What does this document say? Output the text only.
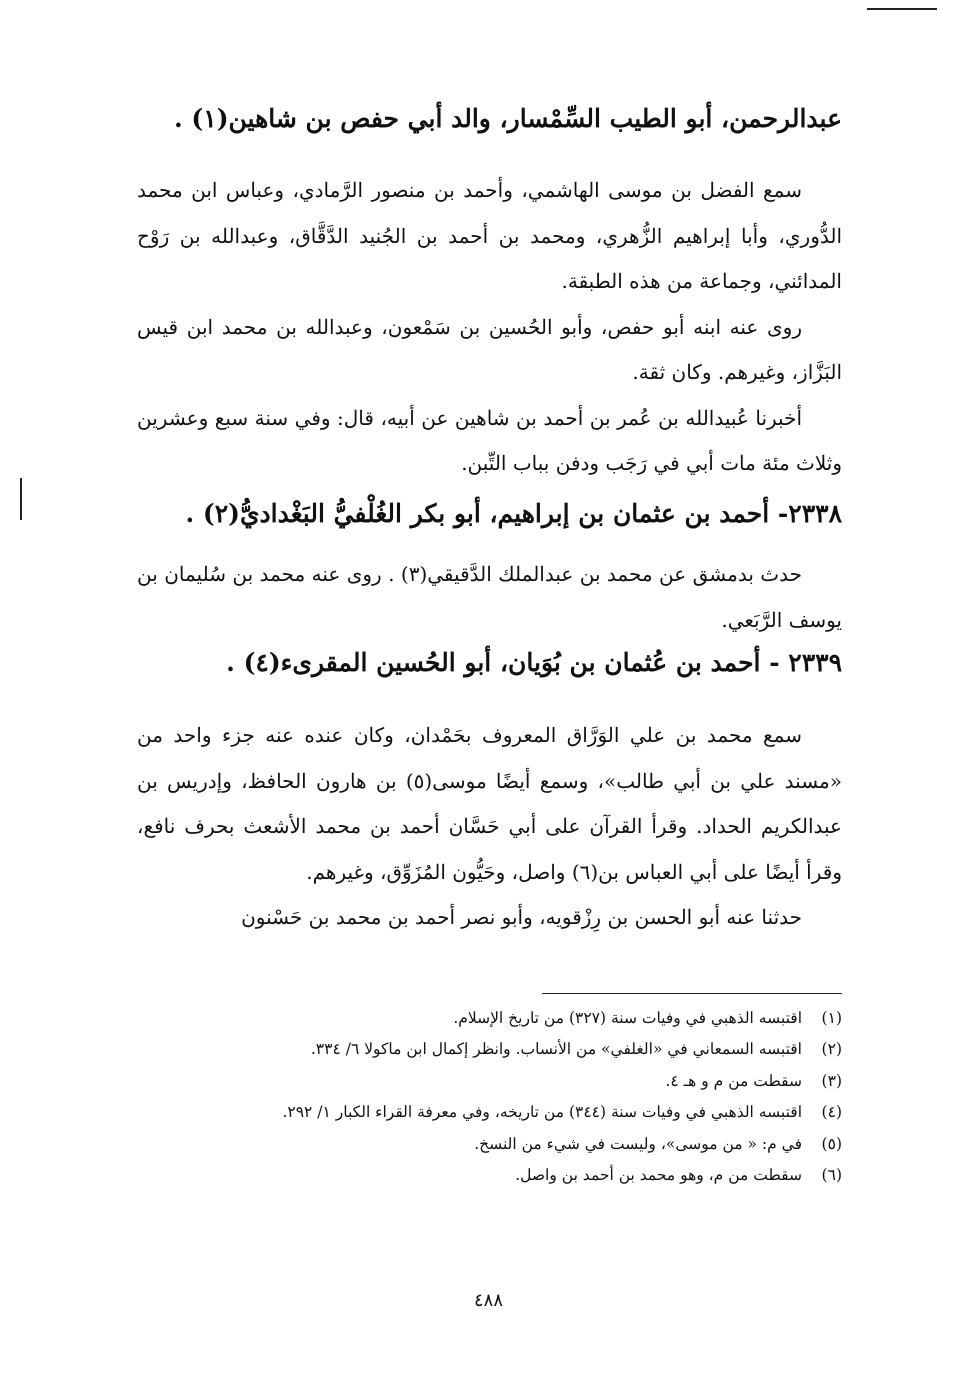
عبدالرحمن، أبو الطيب السِّمْسار، والد أبي حفص بن شاهين(١) .

سمع الفضل بن موسى الهاشمي، وأحمد بن منصور الرَّمادي، وعباس ابن محمد الدُّوري، وأبا إبراهيم الزُّهري، ومحمد بن أحمد بن الجُنيد الدَّقَّاق، وعبدالله بن رَوْح المدائني، وجماعة من هذه الطبقة.

روى عنه ابنه أبو حفص، وأبو الحُسين بن سَمْعون، وعبدالله بن محمد ابن قيس البَزَّاز، وغيرهم. وكان ثقة.

أخبرنا عُبيدالله بن عُمر بن أحمد بن شاهين عن أبيه، قال: وفي سنة سبع وعشرين وثلاث مئة مات أبي في رَجَب ودفن بباب التِّبن.

٢٣٣٨- أحمد بن عثمان بن إبراهيم، أبو بكر الغُلْفيُّ البَغْداديُّ(٢) .

حدث بدمشق عن محمد بن عبدالملك الدَّقيقي(٣) . روى عنه محمد بن سُليمان بن يوسف الرَّبَعي.

٢٣٣٩ - أحمد بن عُثمان بن بُوَيان، أبو الحُسين المقرىء(٤) .

سمع محمد بن علي الوَرَّاق المعروف بحَمْدان، وكان عنده عنه جزء واحد من «مسند علي بن أبي طالب»، وسمع أيضًا موسى(٥) بن هارون الحافظ، وإدريس بن عبدالكريم الحداد. وقرأ القرآن على أبي حَسَّان أحمد بن محمد الأشعث بحرف نافع، وقرأ أيضًا على أبي العباس بن(٦) واصل، وحَيُّون المُزَوِّق، وغيرهم.

حدثنا عنه أبو الحسن بن رِزْقويه، وأبو نصر أحمد بن محمد بن حَسْنون

(١)اقتبسه الذهبي في وفيات سنة (٣٢٧) من تاريخ الإسلام.
(٢)اقتبسه السمعاني في «الغلفي» من الأنساب. وانظر إكمال ابن ماكولا ٦/ ٣٣٤.
(٣)سقطت من م و هـ ٤.
(٤)اقتبسه الذهبي في وفيات سنة (٣٤٤) من تاريخه، وفي معرفة القراء الكبار ١/ ٢٩٢.
(٥)في م: « من موسى»، وليست في شيء من النسخ.
(٦)سقطت من م، وهو محمد بن أحمد بن واصل.
٤٨٨
